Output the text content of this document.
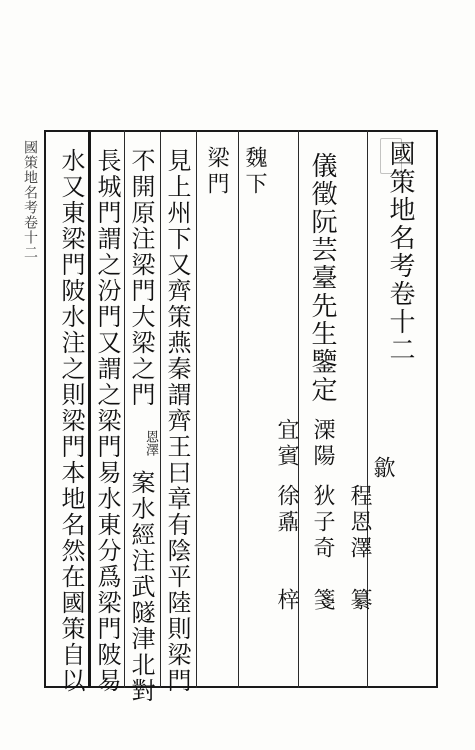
國策地名考卷十二
歙
程恩澤
纂
儀徵阮芸臺先生鑒定
溧陽
狄子奇
箋
宜賓
徐鼒
梓
魏下
梁門
見上州下又齊策燕秦謂齊王曰章有陰平陸則梁門
不開原注梁門大梁之門
恩澤
案水經注武隧津北對
長城門謂之汾門又謂之梁門易水東分爲梁門陂易
水又東梁門陂水注之則梁門本地名然在國策自以
國策地名考卷十二
